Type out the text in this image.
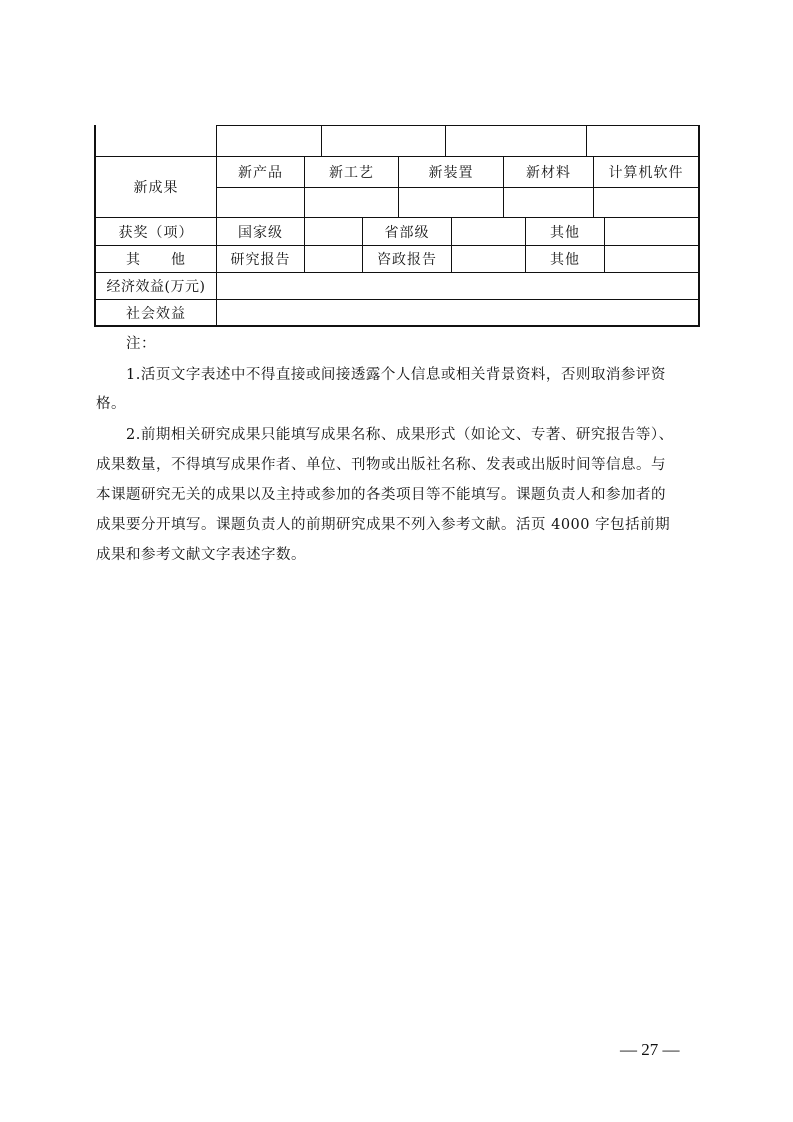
新成果
新产品	新工艺	新装置	新材料	计算机软件
获奖（项）	国家级	省部级	其他
其　　他	研究报告	咨政报告	其他
经济效益(万元)
社会效益
注：
1.活页文字表述中不得直接或间接透露个人信息或相关背景资料，否则取消参评资
格。
2.前期相关研究成果只能填写成果名称、成果形式（如论文、专著、研究报告等）、
成果数量，不得填写成果作者、单位、刊物或出版社名称、发表或出版时间等信息。与
本课题研究无关的成果以及主持或参加的各类项目等不能填写。课题负责人和参加者的
成果要分开填写。课题负责人的前期研究成果不列入参考文献。活页 4000 字包括前期
成果和参考文献文字表述字数。
— 27 —
